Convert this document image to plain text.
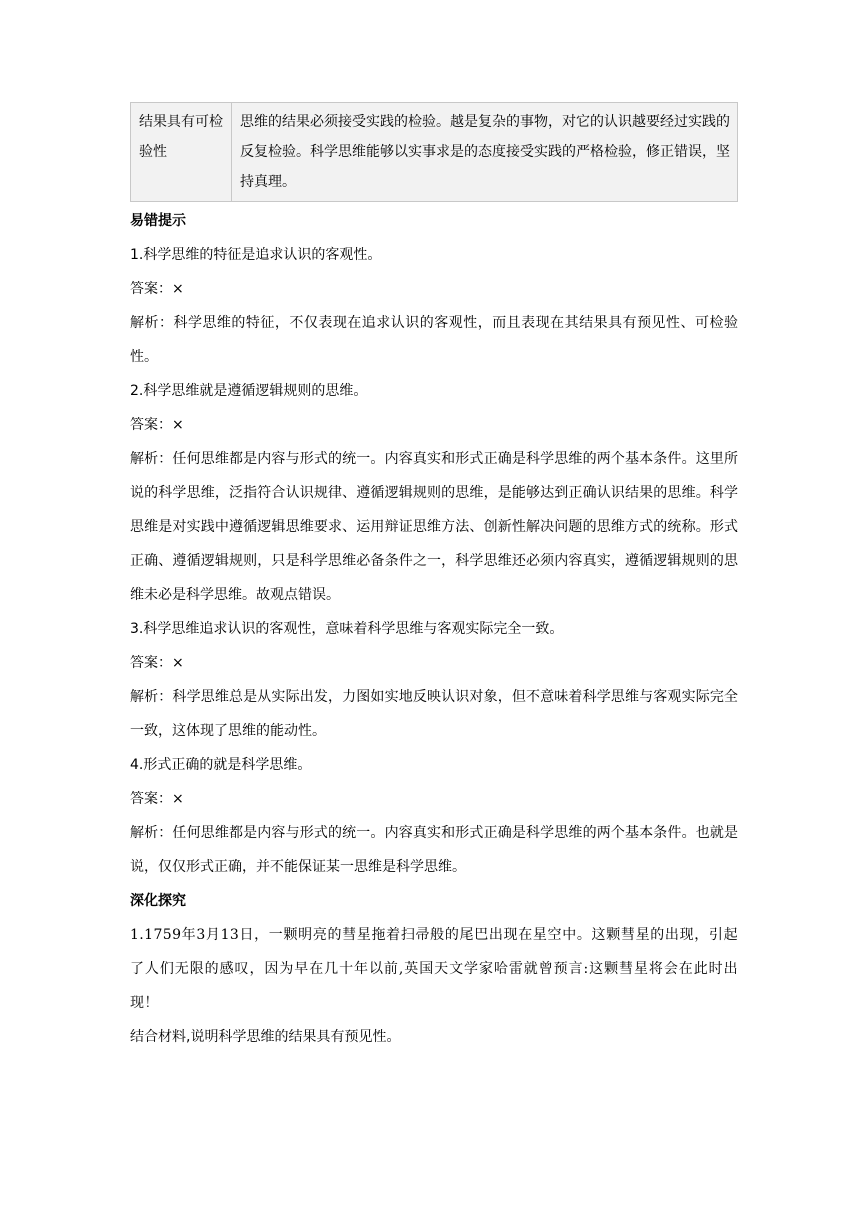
结果具有可检验性	思维的结果必须接受实践的检验。越是复杂的事物，对它的认识越要经过实践的反复检验。科学思维能够以实事求是的态度接受实践的严格检验，修正错误，坚持真理。

易错提示

1.科学思维的特征是追求认识的客观性。

答案：×

解析：科学思维的特征，不仅表现在追求认识的客观性，而且表现在其结果具有预见性、可检验性。

2.科学思维就是遵循逻辑规则的思维。

答案：×

解析：任何思维都是内容与形式的统一。内容真实和形式正确是科学思维的两个基本条件。这里所说的科学思维，泛指符合认识规律、遵循逻辑规则的思维，是能够达到正确认识结果的思维。科学思维是对实践中遵循逻辑思维要求、运用辩证思维方法、创新性解决问题的思维方式的统称。形式正确、遵循逻辑规则，只是科学思维必备条件之一，科学思维还必须内容真实，遵循逻辑规则的思维未必是科学思维。故观点错误。

3.科学思维追求认识的客观性，意味着科学思维与客观实际完全一致。

答案：×

解析：科学思维总是从实际出发，力图如实地反映认识对象，但不意味着科学思维与客观实际完全一致，这体现了思维的能动性。

4.形式正确的就是科学思维。

答案：×

解析：任何思维都是内容与形式的统一。内容真实和形式正确是科学思维的两个基本条件。也就是说，仅仅形式正确，并不能保证某一思维是科学思维。

深化探究

1.1759年3月13日，一颗明亮的彗星拖着扫帚般的尾巴出现在星空中。这颗彗星的出现，引起了人们无限的感叹，因为早在几十年以前,英国天文学家哈雷就曾预言:这颗彗星将会在此时出现！

结合材料,说明科学思维的结果具有预见性。
